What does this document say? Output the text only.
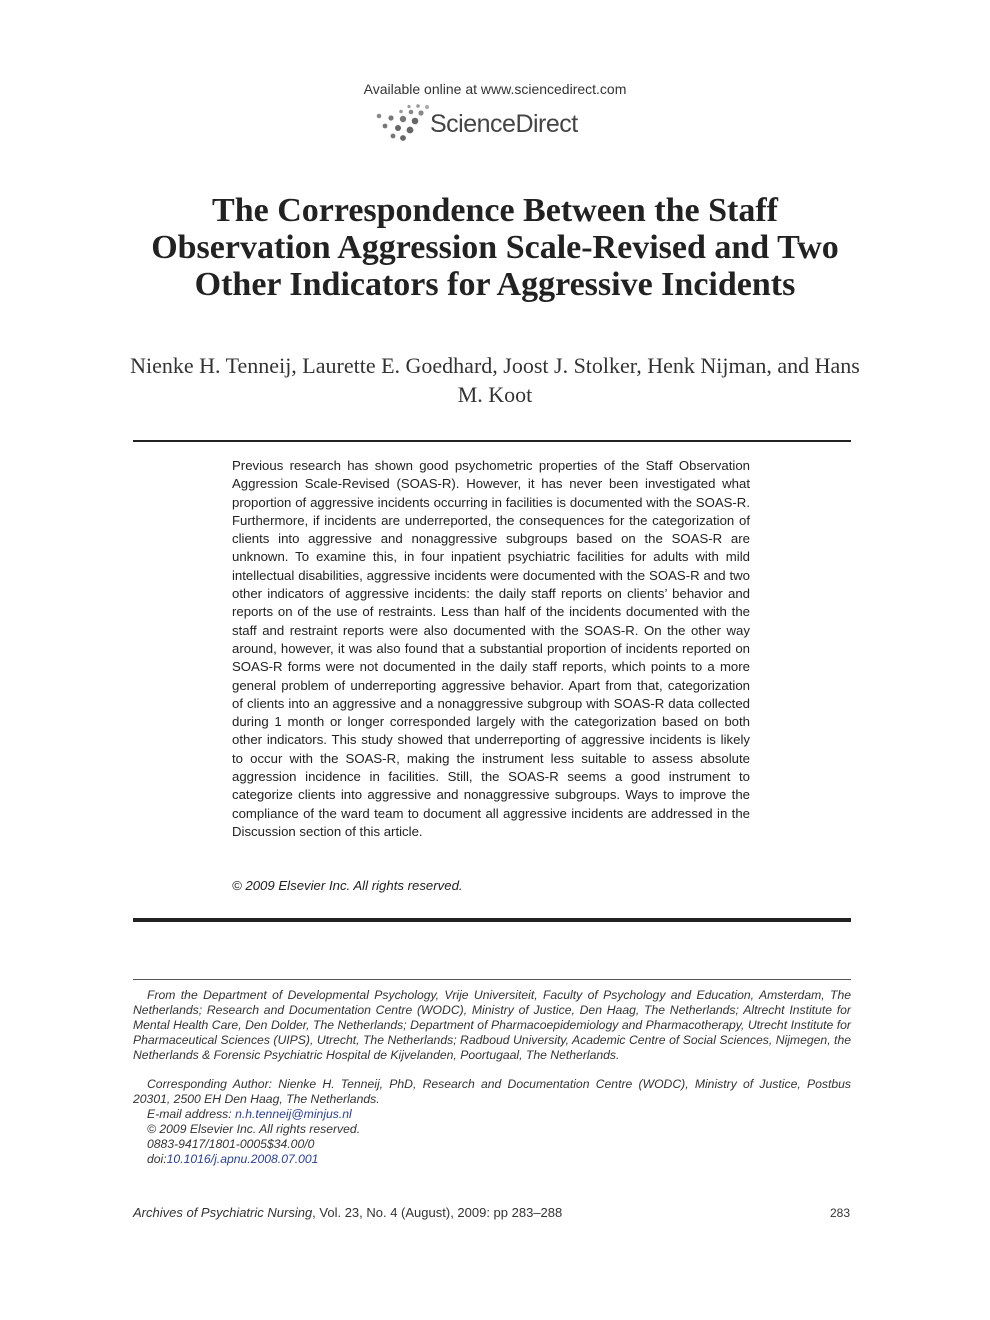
Available online at www.sciencedirect.com
ScienceDirect
The Correspondence Between the Staff Observation Aggression Scale-Revised and Two Other Indicators for Aggressive Incidents
Nienke H. Tenneij, Laurette E. Goedhard, Joost J. Stolker, Henk Nijman, and Hans M. Koot
Previous research has shown good psychometric properties of the Staff Observation Aggression Scale-Revised (SOAS-R). However, it has never been investigated what proportion of aggressive incidents occurring in facilities is documented with the SOAS-R. Furthermore, if incidents are underreported, the consequences for the categorization of clients into aggressive and nonaggressive subgroups based on the SOAS-R are unknown. To examine this, in four inpatient psychiatric facilities for adults with mild intellectual disabilities, aggressive incidents were documented with the SOAS-R and two other indicators of aggressive incidents: the daily staff reports on clients’ behavior and reports on of the use of restraints. Less than half of the incidents documented with the staff and restraint reports were also documented with the SOAS-R. On the other way around, however, it was also found that a substantial proportion of incidents reported on SOAS-R forms were not documented in the daily staff reports, which points to a more general problem of underreporting aggressive behavior. Apart from that, categorization of clients into an aggressive and a nonaggressive subgroup with SOAS-R data collected during 1 month or longer corresponded largely with the categorization based on both other indicators. This study showed that underreporting of aggressive incidents is likely to occur with the SOAS-R, making the instrument less suitable to assess absolute aggression incidence in facilities. Still, the SOAS-R seems a good instrument to categorize clients into aggressive and nonaggressive subgroups. Ways to improve the compliance of the ward team to document all aggressive incidents are addressed in the Discussion section of this article.
© 2009 Elsevier Inc. All rights reserved.
From the Department of Developmental Psychology, Vrije Universiteit, Faculty of Psychology and Education, Amsterdam, The Netherlands; Research and Documentation Centre (WODC), Ministry of Justice, Den Haag, The Netherlands; Altrecht Institute for Mental Health Care, Den Dolder, The Netherlands; Department of Pharmacoepidemiology and Pharmacotherapy, Utrecht Institute for Pharmaceutical Sciences (UIPS), Utrecht, The Netherlands; Radboud University, Academic Centre of Social Sciences, Nijmegen, the Netherlands & Forensic Psychiatric Hospital de Kijvelanden, Poortugaal, The Netherlands.
Corresponding Author: Nienke H. Tenneij, PhD, Research and Documentation Centre (WODC), Ministry of Justice, Postbus 20301, 2500 EH Den Haag, The Netherlands.
E-mail address: n.h.tenneij@minjus.nl
© 2009 Elsevier Inc. All rights reserved.
0883-9417/1801-0005$34.00/0
doi:10.1016/j.apnu.2008.07.001
Archives of Psychiatric Nursing, Vol. 23, No. 4 (August), 2009: pp 283–288	283
